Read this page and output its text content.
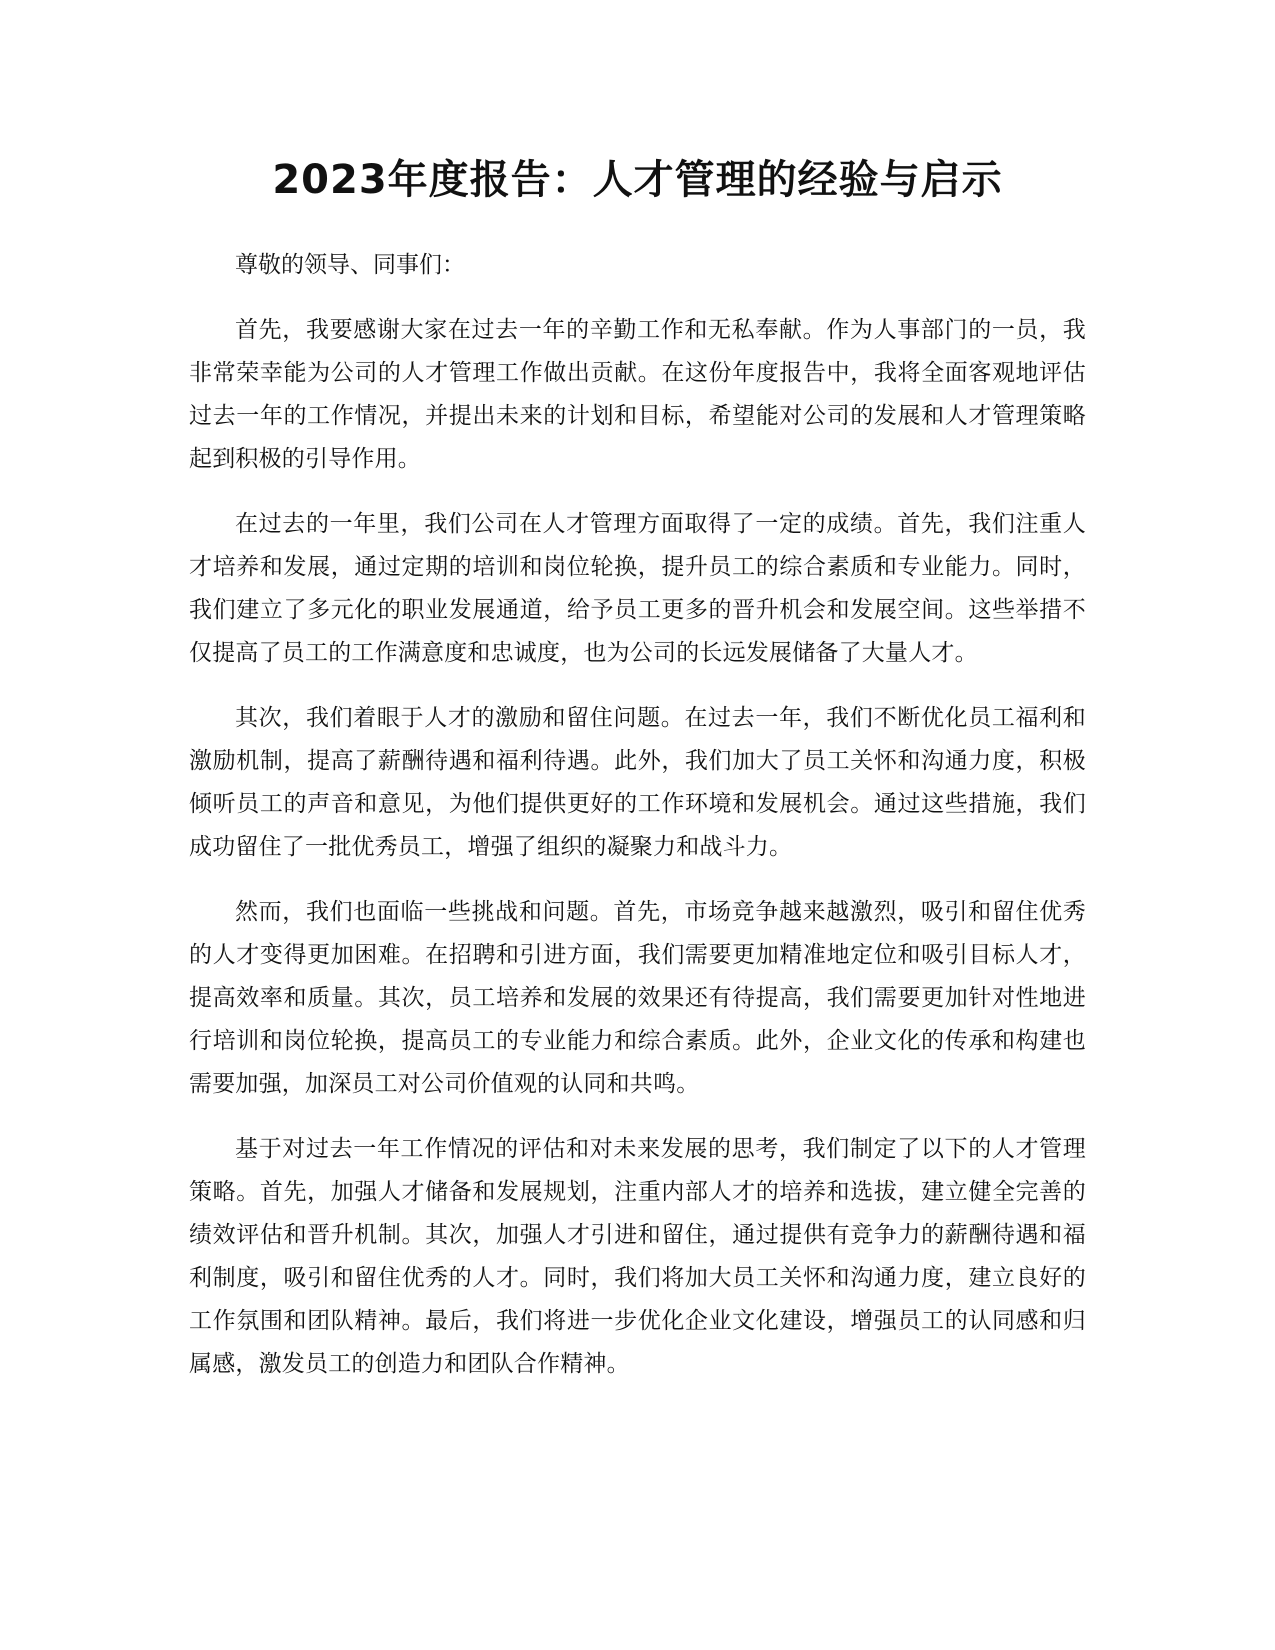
2023年度报告：人才管理的经验与启示

尊敬的领导、同事们：

首先，我要感谢大家在过去一年的辛勤工作和无私奉献。作为人事部门的一员，我非常荣幸能为公司的人才管理工作做出贡献。在这份年度报告中，我将全面客观地评估过去一年的工作情况，并提出未来的计划和目标，希望能对公司的发展和人才管理策略起到积极的引导作用。

在过去的一年里，我们公司在人才管理方面取得了一定的成绩。首先，我们注重人才培养和发展，通过定期的培训和岗位轮换，提升员工的综合素质和专业能力。同时，我们建立了多元化的职业发展通道，给予员工更多的晋升机会和发展空间。这些举措不仅提高了员工的工作满意度和忠诚度，也为公司的长远发展储备了大量人才。

其次，我们着眼于人才的激励和留住问题。在过去一年，我们不断优化员工福利和激励机制，提高了薪酬待遇和福利待遇。此外，我们加大了员工关怀和沟通力度，积极倾听员工的声音和意见，为他们提供更好的工作环境和发展机会。通过这些措施，我们成功留住了一批优秀员工，增强了组织的凝聚力和战斗力。

然而，我们也面临一些挑战和问题。首先，市场竞争越来越激烈，吸引和留住优秀的人才变得更加困难。在招聘和引进方面，我们需要更加精准地定位和吸引目标人才，提高效率和质量。其次，员工培养和发展的效果还有待提高，我们需要更加针对性地进行培训和岗位轮换，提高员工的专业能力和综合素质。此外，企业文化的传承和构建也需要加强，加深员工对公司价值观的认同和共鸣。

基于对过去一年工作情况的评估和对未来发展的思考，我们制定了以下的人才管理策略。首先，加强人才储备和发展规划，注重内部人才的培养和选拔，建立健全完善的绩效评估和晋升机制。其次，加强人才引进和留住，通过提供有竞争力的薪酬待遇和福利制度，吸引和留住优秀的人才。同时，我们将加大员工关怀和沟通力度，建立良好的工作氛围和团队精神。最后，我们将进一步优化企业文化建设，增强员工的认同感和归属感，激发员工的创造力和团队合作精神。
